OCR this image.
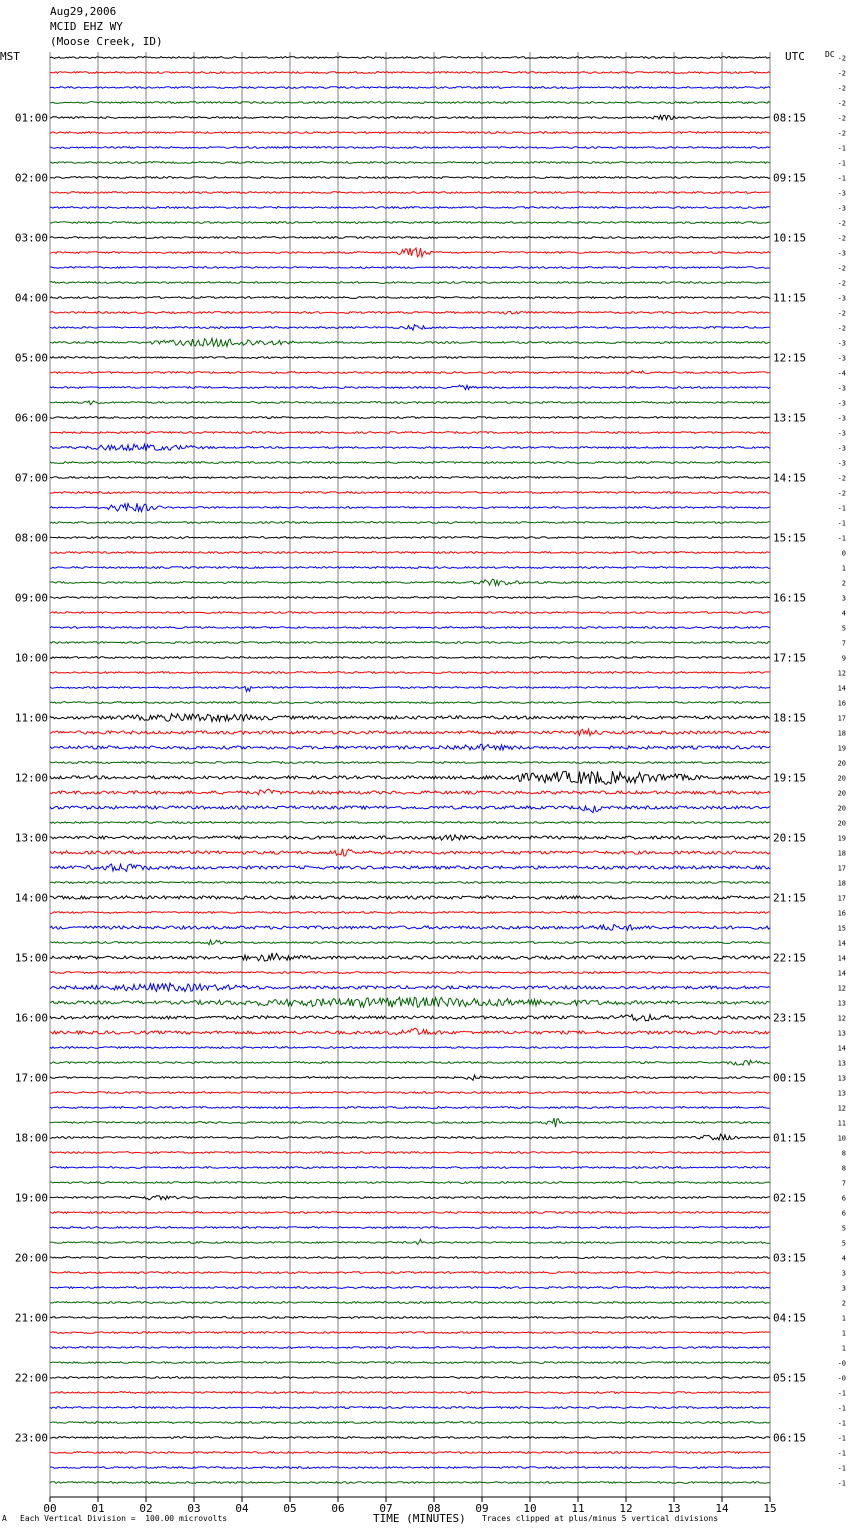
Aug29,2006
MCID EHZ WY
(Moose Creek, ID)
MST	UTC	DC
00	01	02	03	04	05	06	07	08	09	10	11	12	13	14	15
-2
-2
-2
-2
-2
-2
-1
-1
-1
-3
-3
-2
-2
-3
-2
-2
-3
-2
-2
-3
-3
-4
-3
-3
-3
-3
-3
-3
-2
-2
-1
-1
-1
0
1
2
3
4
5
7
9
12
14
16
17
18
19
20
20
20
20
20
19
18
17
18
17
16
15
14
14
14
12
13
12
13
14
13
13
13
12
11
10
8
8
7
6
6
5
5
4
3
3
2
1
1
1
-0
-0
-1
-1
-1
-1
-1
-1
-1
01:00
02:00
03:00
04:00
05:00
06:00
07:00
08:00
09:00
10:00
11:00
12:00
13:00
14:00
15:00
16:00
17:00
18:00
19:00
20:00
21:00
22:00
23:00
08:15
09:15
10:15
11:15
12:15
13:15
14:15
15:15
16:15
17:15
18:15
19:15
20:15
21:15
22:15
23:15
00:15
01:15
02:15
03:15
04:15
05:15
06:15
A Each Vertical Division =  100.00 microvolts	TIME (MINUTES) Traces clipped at plus/minus 5 vertical divisions
